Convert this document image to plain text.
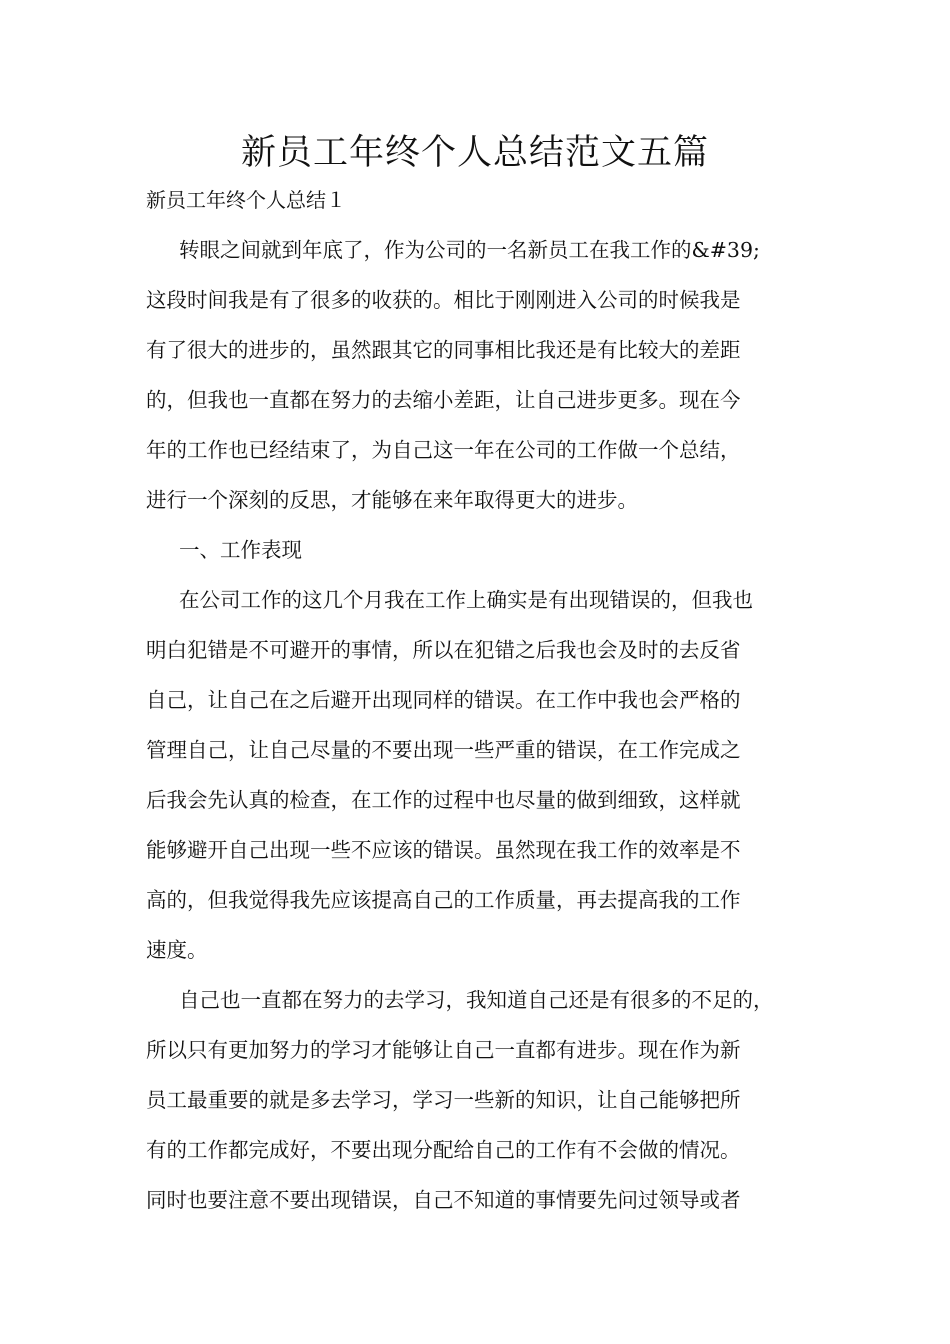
新员工年终个人总结范文五篇
新员工年终个人总结１
转眼之间就到年底了，作为公司的一名新员工在我工作的&#39;
这段时间我是有了很多的收获的。相比于刚刚进入公司的时候我是
有了很大的进步的，虽然跟其它的同事相比我还是有比较大的差距
的，但我也一直都在努力的去缩小差距，让自己进步更多。现在今
年的工作也已经结束了，为自己这一年在公司的工作做一个总结，
进行一个深刻的反思，才能够在来年取得更大的进步。
一、工作表现
在公司工作的这几个月我在工作上确实是有出现错误的，但我也
明白犯错是不可避开的事情，所以在犯错之后我也会及时的去反省
自己，让自己在之后避开出现同样的错误。在工作中我也会严格的
管理自己，让自己尽量的不要出现一些严重的错误，在工作完成之
后我会先认真的检查，在工作的过程中也尽量的做到细致，这样就
能够避开自己出现一些不应该的错误。虽然现在我工作的效率是不
高的，但我觉得我先应该提高自己的工作质量，再去提高我的工作
速度。
自己也一直都在努力的去学习，我知道自己还是有很多的不足的，
所以只有更加努力的学习才能够让自己一直都有进步。现在作为新
员工最重要的就是多去学习，学习一些新的知识，让自己能够把所
有的工作都完成好，不要出现分配给自己的工作有不会做的情况。
同时也要注意不要出现错误，自己不知道的事情要先问过领导或者
